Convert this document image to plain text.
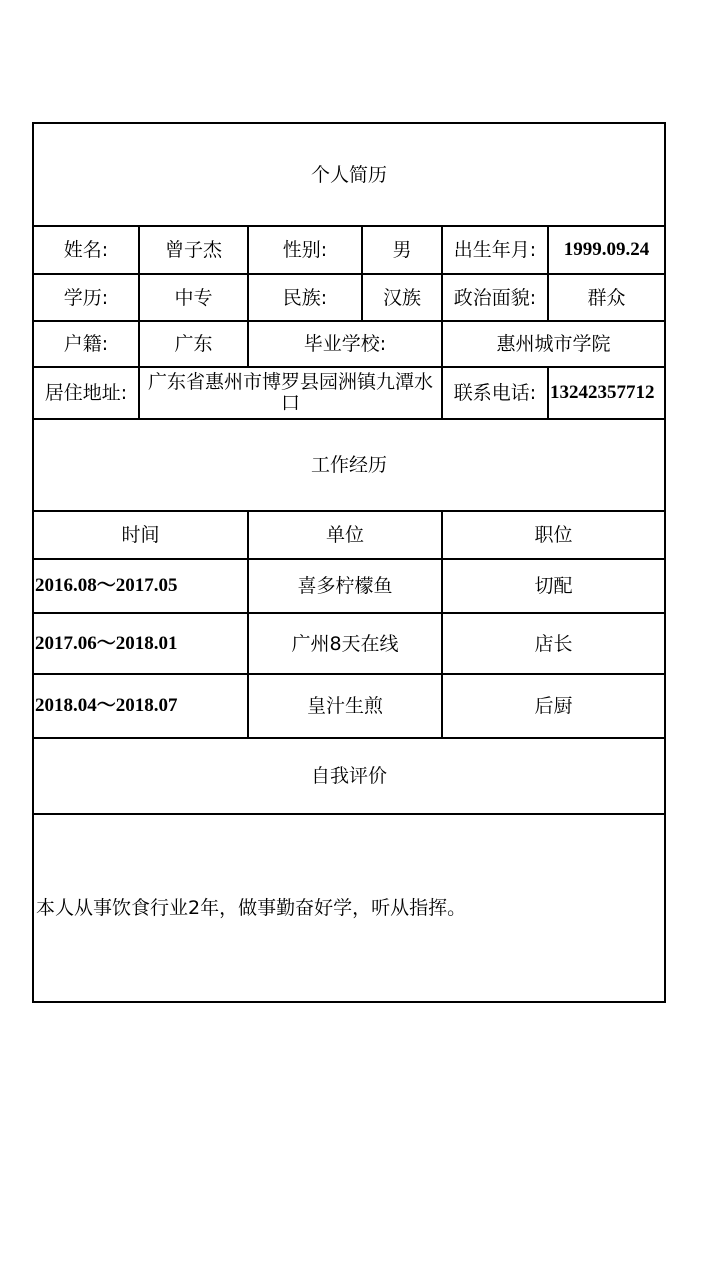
个人简历					
姓名:	曾子杰	性别:	男	出生年月:	1999.09.24
学历:	中专	民族:	汉族	政治面貌:	群众
户籍:	广东	毕业学校:		惠州城市学院	
居住地址:	广东省惠州市博罗县园洲镇九潭水口			联系电话:	13242357712
工作经历					
时间		单位		职位	
2016.08～2017.05		喜多柠檬鱼		切配	
2017.06～2018.01		广州8天在线		店长	
2018.04～2018.07		皇汁生煎		后厨	
自我评价					
本人从事饮食行业2年，做事勤奋好学，听从指挥。					
